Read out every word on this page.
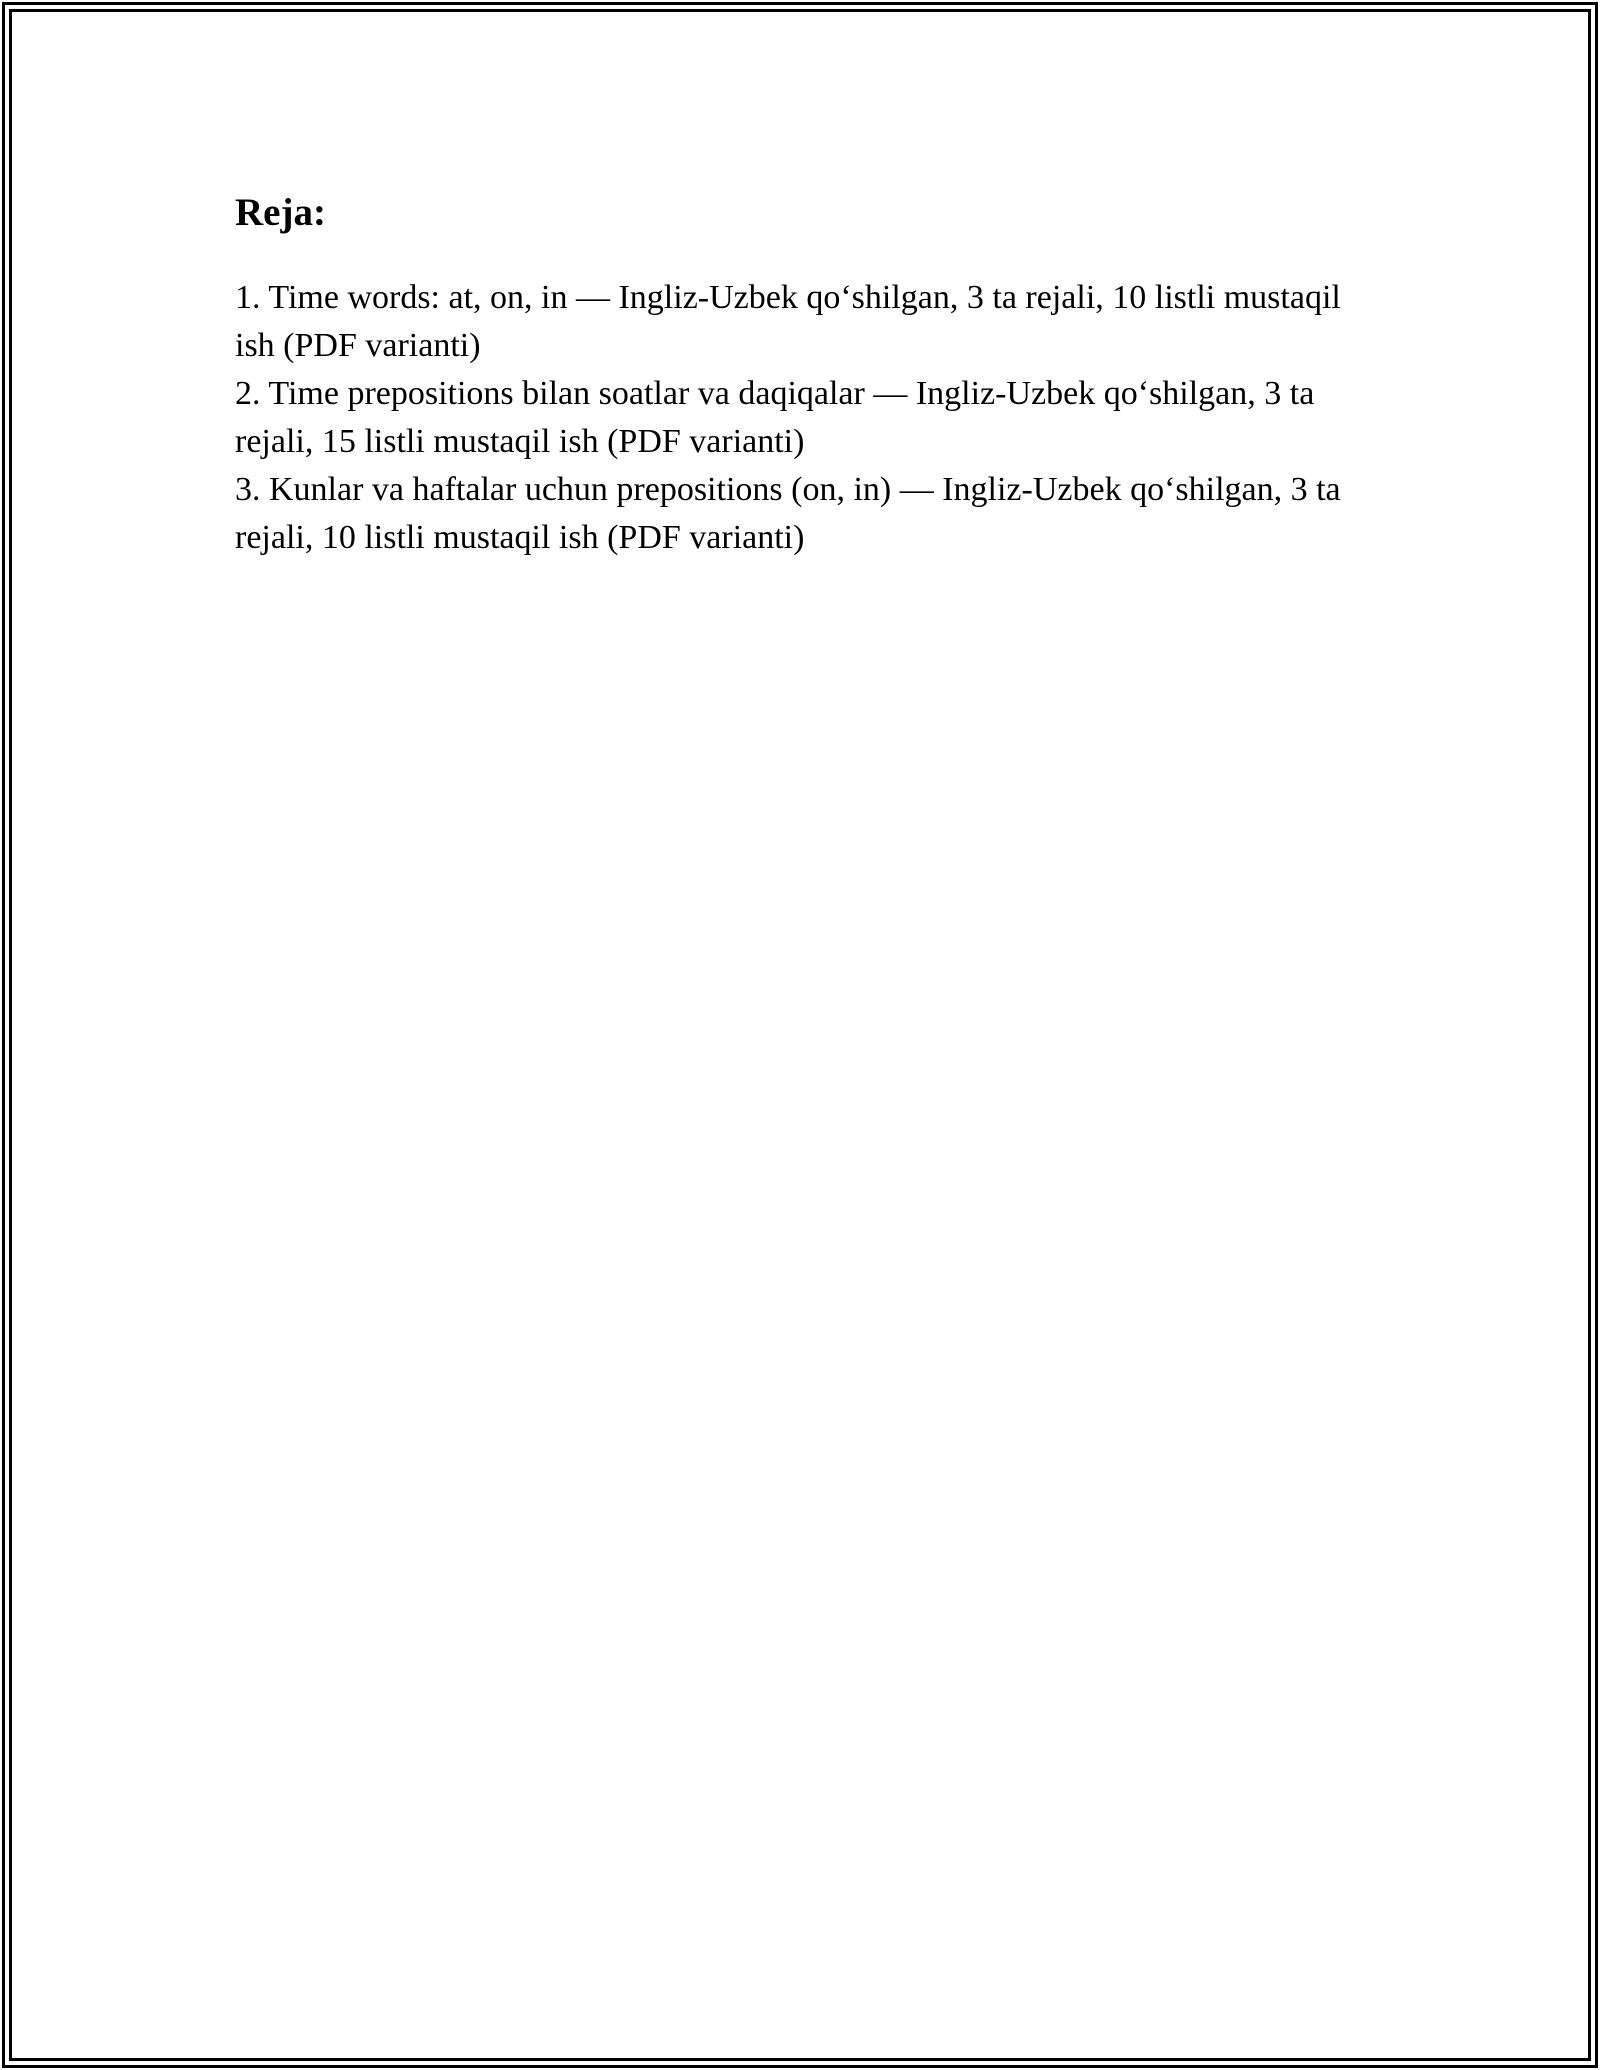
Reja:
1. Time words: at, on, in — Ingliz-Uzbek qo‘shilgan, 3 ta rejali, 10 listli mustaqil ish (PDF varianti)
2. Time prepositions bilan soatlar va daqiqalar — Ingliz-Uzbek qo‘shilgan, 3 ta rejali, 15 listli mustaqil ish (PDF varianti)
3. Kunlar va haftalar uchun prepositions (on, in) — Ingliz-Uzbek qo‘shilgan, 3 ta rejali, 10 listli mustaqil ish (PDF varianti)
